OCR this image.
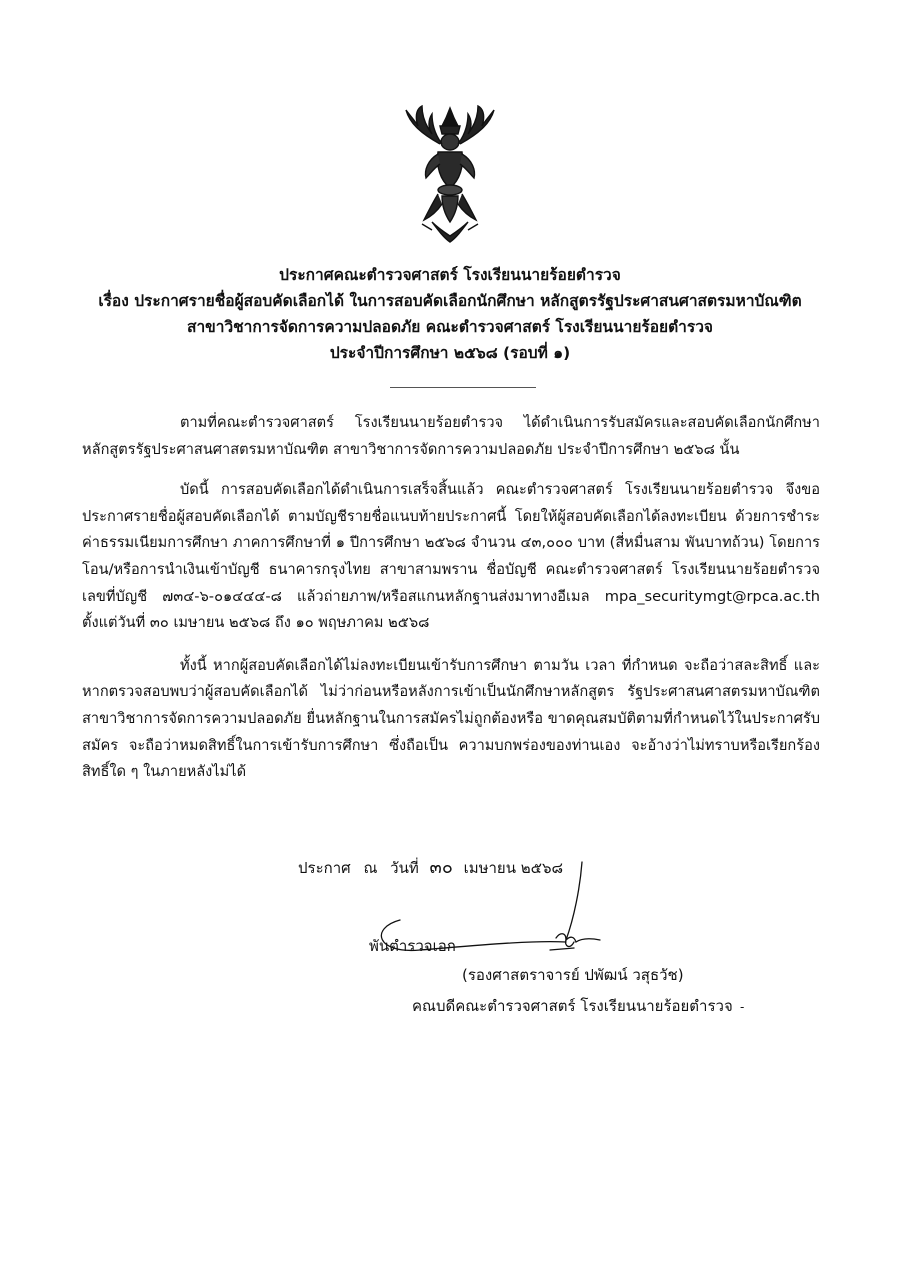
ประกาศคณะตำรวจศาสตร์ โรงเรียนนายร้อยตำรวจ
เรื่อง ประกาศรายชื่อผู้สอบคัดเลือกได้ ในการสอบคัดเลือกนักศึกษา หลักสูตรรัฐประศาสนศาสตรมหาบัณฑิต
สาขาวิชาการจัดการความปลอดภัย คณะตำรวจศาสตร์ โรงเรียนนายร้อยตำรวจ
ประจำปีการศึกษา ๒๕๖๘ (รอบที่ ๑)

ตามที่คณะตำรวจศาสตร์ โรงเรียนนายร้อยตำรวจ ได้ดำเนินการรับสมัครและสอบคัดเลือกนักศึกษา หลักสูตรรัฐประศาสนศาสตรมหาบัณฑิต สาขาวิชาการจัดการความปลอดภัย ประจำปีการศึกษา ๒๕๖๘ นั้น

บัดนี้ การสอบคัดเลือกได้ดำเนินการเสร็จสิ้นแล้ว คณะตำรวจศาสตร์ โรงเรียนนายร้อยตำรวจ จึงขอประกาศรายชื่อผู้สอบคัดเลือกได้ ตามบัญชีรายชื่อแนบท้ายประกาศนี้ โดยให้ผู้สอบคัดเลือกได้ลงทะเบียน ด้วยการชำระค่าธรรมเนียมการศึกษา ภาคการศึกษาที่ ๑ ปีการศึกษา ๒๕๖๘ จำนวน ๔๓,๐๐๐ บาท (สี่หมื่นสาม พันบาทถ้วน) โดยการโอน/หรือการนำเงินเข้าบัญชี ธนาคารกรุงไทย สาขาสามพราน ชื่อบัญชี คณะตำรวจศาสตร์ โรงเรียนนายร้อยตำรวจ เลขที่บัญชี ๗๓๔-๖-๐๑๔๔๔-๘ แล้วถ่ายภาพ/หรือสแกนหลักฐานส่งมาทางอีเมล mpa_securitymgt@rpca.ac.th ตั้งแต่วันที่ ๓๐ เมษายน ๒๕๖๘ ถึง ๑๐ พฤษภาคม ๒๕๖๘

ทั้งนี้ หากผู้สอบคัดเลือกได้ไม่ลงทะเบียนเข้ารับการศึกษา ตามวัน เวลา ที่กำหนด จะถือว่าสละสิทธิ์ และหากตรวจสอบพบว่าผู้สอบคัดเลือกได้ ไม่ว่าก่อนหรือหลังการเข้าเป็นนักศึกษาหลักสูตร รัฐประศาสนศาสตรมหาบัณฑิต สาขาวิชาการจัดการความปลอดภัย ยื่นหลักฐานในการสมัครไม่ถูกต้องหรือ ขาดคุณสมบัติตามที่กำหนดไว้ในประกาศรับสมัคร จะถือว่าหมดสิทธิ์ในการเข้ารับการศึกษา ซึ่งถือเป็น ความบกพร่องของท่านเอง จะอ้างว่าไม่ทราบหรือเรียกร้องสิทธิ์ใด ๆ ในภายหลังไม่ได้

ประกาศ ณ วันที่ ๓๐ เมษายน ๒๕๖๘
พันตำรวจเอก
(รองศาสตราจารย์ ปพัฒน์ วสุธวัช)
คณบดีคณะตำรวจศาสตร์ โรงเรียนนายร้อยตำรวจ -
